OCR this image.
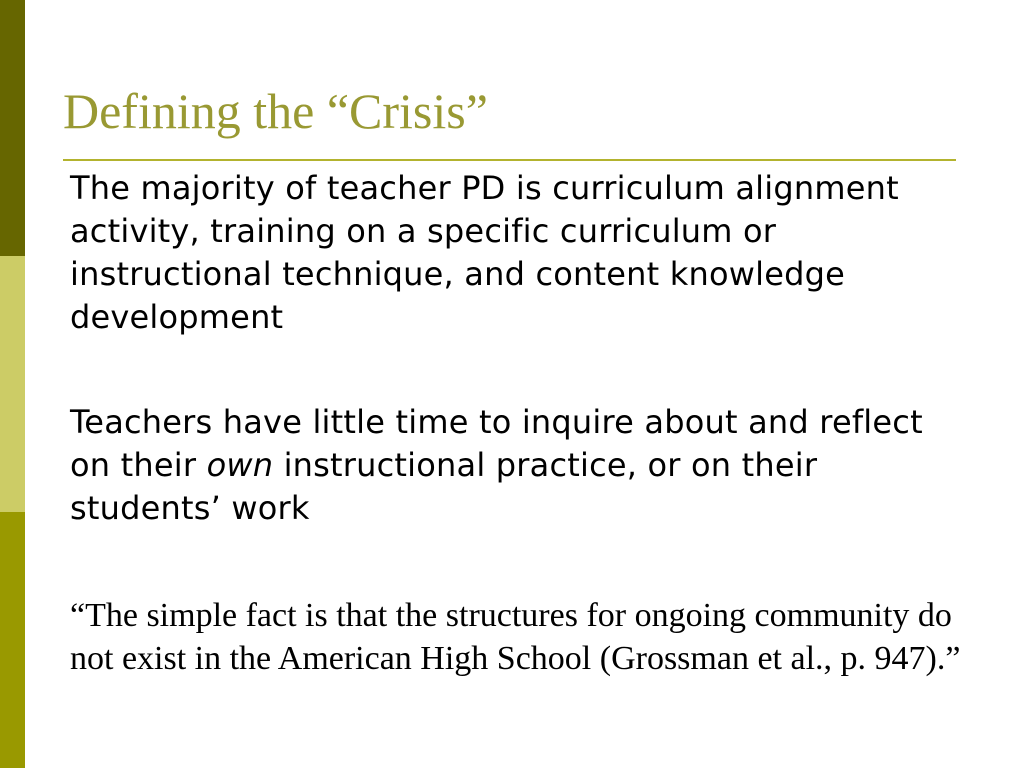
Defining the “Crisis”

The majority of teacher PD is curriculum alignment activity, training on a specific curriculum or instructional technique, and content knowledge development

Teachers have little time to inquire about and reflect on their own instructional practice, or on their students’ work

“The simple fact is that the structures for ongoing community do not exist in the American High School (Grossman et al., p. 947).”
